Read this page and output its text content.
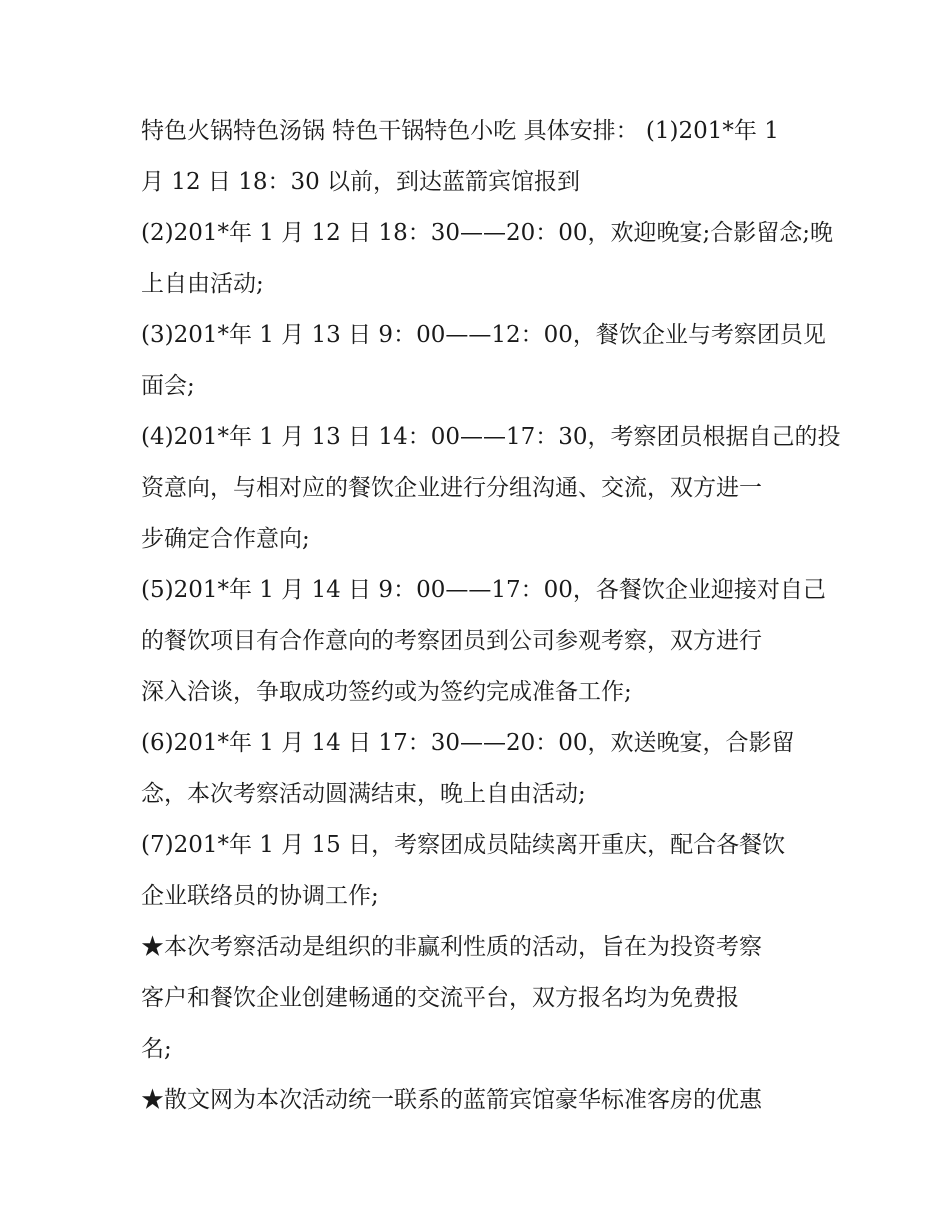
特色火锅特色汤锅 特色干锅特色小吃 具体安排： (1)201*年 1
月 12 日 18：30 以前，到达蓝箭宾馆报到
(2)201*年 1 月 12 日 18：30——20：00，欢迎晚宴;合影留念;晚
上自由活动;
(3)201*年 1 月 13 日 9：00——12：00，餐饮企业与考察团员见
面会;
(4)201*年 1 月 13 日 14：00——17：30，考察团员根据自己的投
资意向，与相对应的餐饮企业进行分组沟通、交流，双方进一
步确定合作意向;
(5)201*年 1 月 14 日 9：00——17：00，各餐饮企业迎接对自己
的餐饮项目有合作意向的考察团员到公司参观考察，双方进行
深入洽谈，争取成功签约或为签约完成准备工作;
(6)201*年 1 月 14 日 17：30——20：00，欢送晚宴，合影留
念，本次考察活动圆满结束，晚上自由活动;
(7)201*年 1 月 15 日，考察团成员陆续离开重庆，配合各餐饮
企业联络员的协调工作;
★本次考察活动是组织的非赢利性质的活动，旨在为投资考察
客户和餐饮企业创建畅通的交流平台，双方报名均为免费报
名;
★散文网为本次活动统一联系的蓝箭宾馆豪华标准客房的优惠
